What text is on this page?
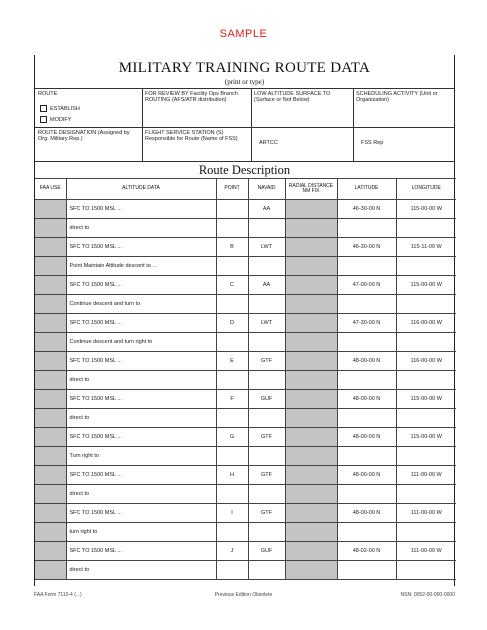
SAMPLE
MILITARY TRAINING ROUTE DATA
(print or type)
ROUTE
ESTABLISH
MODIFY
FOR REVIEW BY Facility Ops Branch ROUTING (AFS/ATR distribution)
LOW ALTITUDE SURFACE TO (Surface or Not Below)
SCHEDULING ACTIVITY (Unit or Organization)
ROUTE DESIGNATION (Assigned by Org. Military Rep.)
FLIGHT SERVICE STATION (S) Responsible for Route (Name of FSS)
ARTCC	FSS Rep
Route Description
FAA USE	ALTITUDE DATA	POINT	NAVAID	RADIAL DISTANCE NM FIX	LATITUDE	LONGITUDE
	SFC TO 1500 MSL ...		AA		46-30-00 N	115-00-00 W
	direct to					
	SFC TO 1500 MSL ...	B	LWT		46-30-00 N	115-11-00 W
	Point Maintain Altitude descent to ...					
	SFC TO 1500 MSL ...	C	AA		47-00-00 N	115-00-00 W
	Continue descent and turn to					
	SFC TO 1500 MSL ...	D	LWT		47-30-00 N	116-00-00 W
	Continue descent and turn right to					
	SFC TO 1500 MSL ...	E	GTF		48-00-00 N	116-00-00 W
	direct to					
	SFC TO 1500 MSL ...	F	GUF		48-00-00 N	115-00-00 W
	direct to					
	SFC TO 1500 MSL ...	G	GTF		48-00-00 N	115-00-00 W
	Turn right to					
	SFC TO 1500 MSL ...	H	GTF		48-00-00 N	111-00-00 W
	direct to					
	SFC TO 1500 MSL ...	I	GTF		48-00-00 N	111-00-00 W
	turn right to					
	SFC TO 1500 MSL ...	J	GUF		48-02-00 N	111-00-00 W
	direct to					
FAA Form 7110-4 (...)	Previous Edition Obsolete	NSN: 0052-00-000-0000
